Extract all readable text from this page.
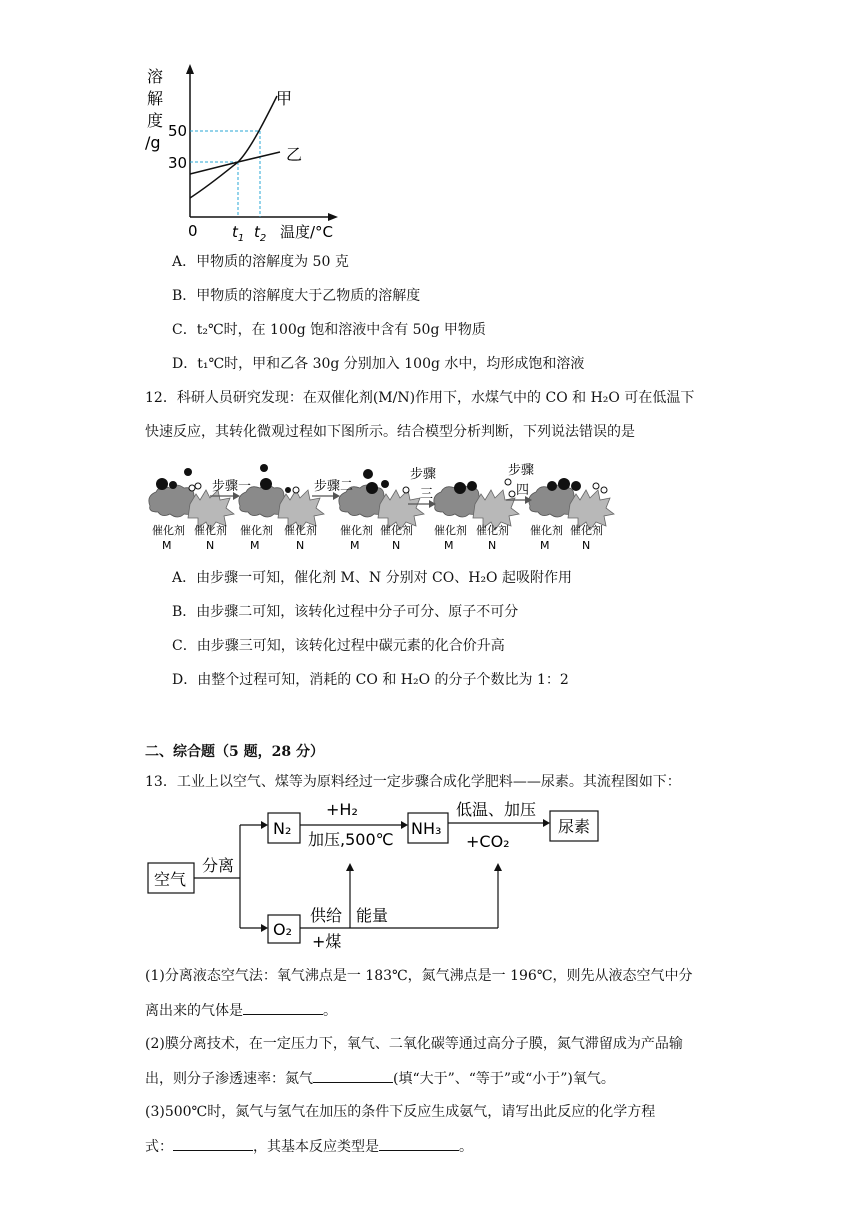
溶
解
度
/g
50
30
0 $t_1$ $t_2$ 温度/°C
甲
乙
A．甲物质的溶解度为 50 克
B．甲物质的溶解度大于乙物质的溶解度
C．t₂℃时，在 100g 饱和溶液中含有 50g 甲物质
D．t₁℃时，甲和乙各 30g 分别加入 100g 水中，均形成饱和溶液
12．科研人员研究发现：在双催化剂(M/N)作用下，水煤气中的 CO 和 H₂O 可在低温下
快速反应，其转化微观过程如下图所示。结合模型分析判断，下列说法错误的是
步骤一	步骤二
步骤
三
步骤
四
催化剂
M
催化剂
N
催化剂
M
催化剂
N
催化剂
M
催化剂
N
催化剂
M
催化剂
N
催化剂
M
催化剂
N
A．由步骤一可知，催化剂 M、N 分别对 CO、H₂O 起吸附作用
B．由步骤二可知，该转化过程中分子可分、原子不可分
C．由步骤三可知，该转化过程中碳元素的化合价升高
D．由整个过程可知，消耗的 CO 和 H₂O 的分子个数比为 1：2
二、综合题（5 题，28 分）
13．工业上以空气、煤等为原料经过一定步骤合成化学肥料——尿素。其流程图如下：
空气
分离
N₂
+H₂
加压,500℃
NH₃
低温、加压
+CO₂
尿素
O₂
供给 能量
+煤
(1)分离液态空气法：氧气沸点是一 183℃，氮气沸点是一 196℃，则先从液态空气中分
离出来的气体是	。
(2)膜分离技术，在一定压力下，氧气、二氧化碳等通过高分子膜，氮气滞留成为产品输
出，则分子渗透速率：氮气	(填“大于”、“等于”或“小于”)氧气。
(3)500℃时，氮气与氢气在加压的条件下反应生成氨气，请写出此反应的化学方程
式：	，其基本反应类型是	。
